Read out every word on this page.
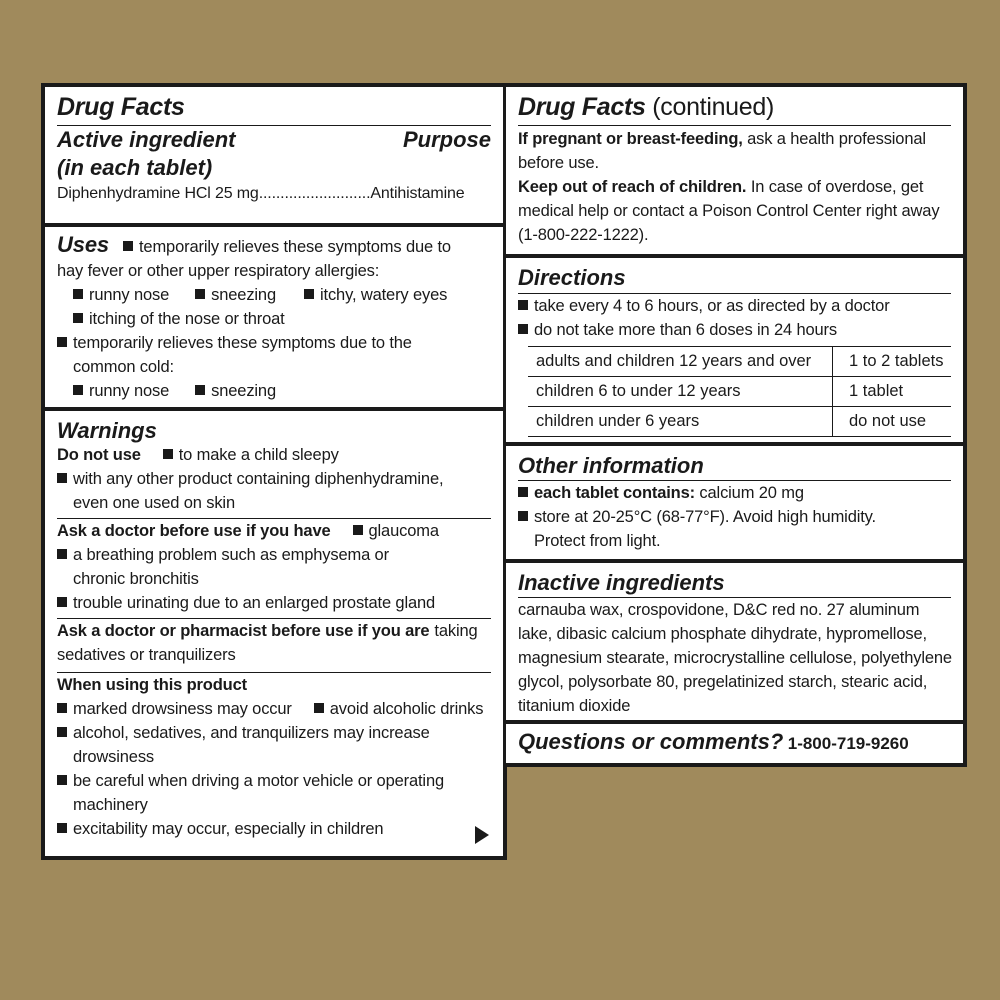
Drug Facts
Active ingredient	Purpose
(in each tablet)
Diphenhydramine HCl 25 mg..........................Antihistamine
Uses temporarily relieves these symptoms due to
hay fever or other upper respiratory allergies:
runny nose	sneezing	itchy, watery eyes
itching of the nose or throat
temporarily relieves these symptoms due to the
common cold:
runny nose	sneezing
Warnings
Do not use to make a child sleepy
with any other product containing diphenhydramine,
even one used on skin
Ask a doctor before use if you have glaucoma
a breathing problem such as emphysema or
chronic bronchitis
trouble urinating due to an enlarged prostate gland
Ask a doctor or pharmacist before use if you are taking
sedatives or tranquilizers
When using this product
marked drowsiness may occur avoid alcoholic drinks
alcohol, sedatives, and tranquilizers may increase
drowsiness
be careful when driving a motor vehicle or operating
machinery
excitability may occur, especially in children
Drug Facts (continued)
If pregnant or breast-feeding, ask a health professional
before use.
Keep out of reach of children. In case of overdose, get
medical help or contact a Poison Control Center right away
(1-800-222-1222).
Directions
take every 4 to 6 hours, or as directed by a doctor
do not take more than 6 doses in 24 hours
adults and children 12 years and over	1 to 2 tablets
children 6 to under 12 years	1 tablet
children under 6 years	do not use
Other information
each tablet contains: calcium 20 mg
store at 20-25°C (68-77°F). Avoid high humidity.
Protect from light.
Inactive ingredients
carnauba wax, crospovidone, D&C red no. 27 aluminum
lake, dibasic calcium phosphate dihydrate, hypromellose,
magnesium stearate, microcrystalline cellulose, polyethylene
glycol, polysorbate 80, pregelatinized starch, stearic acid,
titanium dioxide
Questions or comments? 1-800-719-9260
